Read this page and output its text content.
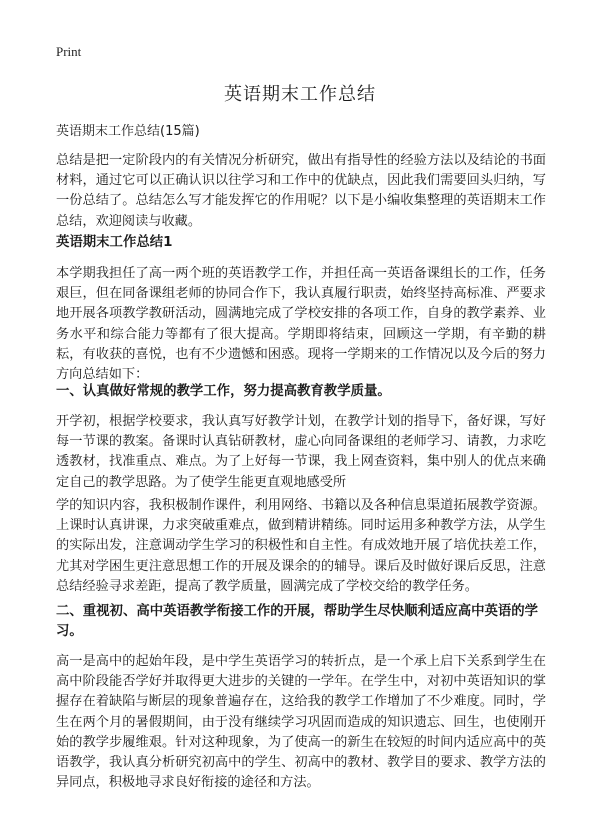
Print
英语期末工作总结
英语期末工作总结(15篇)

总结是把一定阶段内的有关情况分析研究，做出有指导性的经验方法以及结论的书面材料，通过它可以正确认识以往学习和工作中的优缺点，因此我们需要回头归纳，写一份总结了。总结怎么写才能发挥它的作用呢？以下是小编收集整理的英语期末工作总结，欢迎阅读与收藏。

英语期末工作总结1

本学期我担任了高一两个班的英语教学工作，并担任高一英语备课组长的工作，任务艰巨，但在同备课组老师的协同合作下，我认真履行职责，始终坚持高标准、严要求地开展各项教学教研活动，圆满地完成了学校安排的各项工作，自身的教学素养、业务水平和综合能力等都有了很大提高。学期即将结束，回顾这一学期，有辛勤的耕耘，有收获的喜悦，也有不少遗憾和困惑。现将一学期来的工作情况以及今后的努力方向总结如下：

一、认真做好常规的教学工作，努力提高教育教学质量。

开学初，根据学校要求，我认真写好教学计划，在教学计划的指导下，备好课，写好每一节课的教案。备课时认真钻研教材，虚心向同备课组的老师学习、请教，力求吃透教材，找准重点、难点。为了上好每一节课，我上网查资料，集中别人的优点来确定自己的教学思路。为了使学生能更直观地感受所

学的知识内容，我积极制作课件，利用网络、书籍以及各种信息渠道拓展教学资源。上课时认真讲课，力求突破重难点，做到精讲精练。同时运用多种教学方法，从学生的实际出发，注意调动学生学习的积极性和自主性。有成效地开展了培优扶差工作，尤其对学困生更注意思想工作的开展及课余的的辅导。课后及时做好课后反思，注意总结经验寻求差距，提高了教学质量，圆满完成了学校交给的教学任务。

二、重视初、高中英语教学衔接工作的开展，帮助学生尽快顺利适应高中英语的学习。

高一是高中的起始年段，是中学生英语学习的转折点，是一个承上启下关系到学生在高中阶段能否学好并取得更大进步的关键的一学年。在学生中，对初中英语知识的掌握存在着缺陷与断层的现象普遍存在，这给我的教学工作增加了不少难度。同时，学生在两个月的暑假期间，由于没有继续学习巩固而造成的知识遗忘、回生，也使刚开始的教学步履维艰。针对这种现象，为了使高一的新生在较短的时间内适应高中的英语教学，我认真分析研究初高中的学生、初高中的教材、教学目的要求、教学方法的异同点，积极地寻求良好衔接的途径和方法。
